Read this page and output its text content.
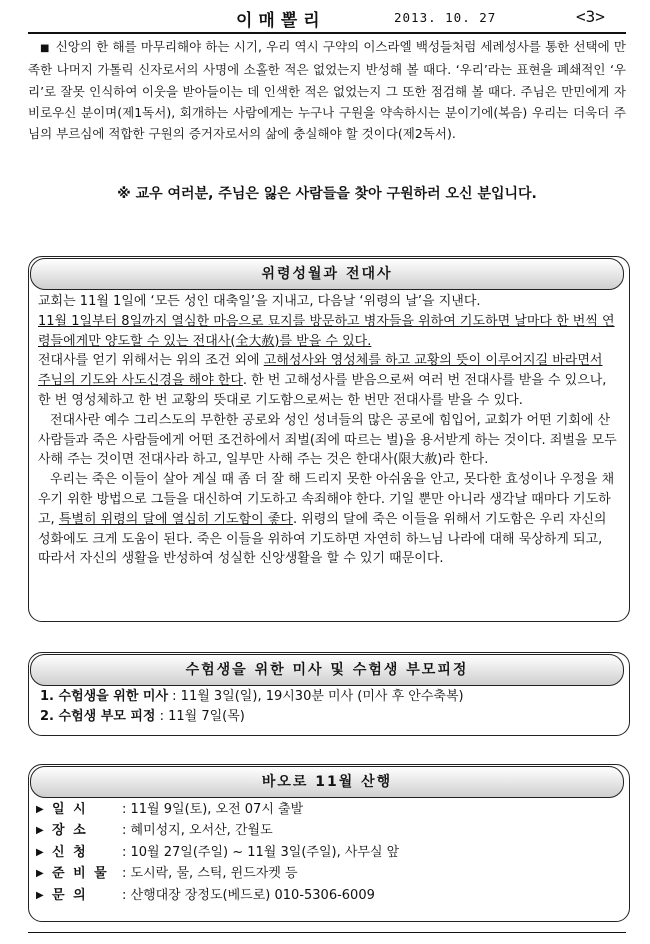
이매뽈리	2013. 10. 27	<3>
■ 신앙의 한 해를 마무리해야 하는 시기, 우리 역시 구약의 이스라엘 백성들처럼 세례성사를 통한 선택에 만족한 나머지 가톨릭 신자로서의 사명에 소홀한 적은 없었는지 반성해 볼 때다. ‘우리’라는 표현을 폐쇄적인 ‘우리’로 잘못 인식하여 이웃을 받아들이는 데 인색한 적은 없었는지 그 또한 점검해 볼 때다. 주님은 만민에게 자비로우신 분이며(제1독서), 회개하는 사람에게는 누구나 구원을 약속하시는 분이기에(복음) 우리는 더욱더 주님의 부르심에 적합한 구원의 증거자로서의 삶에 충실해야 할 것이다(제2독서).
※ 교우 여러분, 주님은 잃은 사람들을 찾아 구원하러 오신 분입니다.
위령성월과 전대사

교회는 11월 1일에 ‘모든 성인 대축일’을 지내고, 다음날 ‘위령의 날’을 지낸다.

11월 1일부터 8일까지 열심한 마음으로 묘지를 방문하고 병자들을 위하여 기도하면 날마다 한 번씩 연령들에게만 양도할 수 있는 전대사(全大赦)를 받을 수 있다.

전대사를 얻기 위해서는 위의 조건 외에 고해성사와 영성체를 하고 교황의 뜻이 이루어지길 바라면서 주님의 기도와 사도신경을 해야 한다. 한 번 고해성사를 받음으로써 여러 번 전대사를 받을 수 있으나, 한 번 영성체하고 한 번 교황의 뜻대로 기도함으로써는 한 번만 전대사를 받을 수 있다.

전대사란 예수 그리스도의 무한한 공로와 성인 성녀들의 많은 공로에 힘입어, 교회가 어떤 기회에 산 사람들과 죽은 사람들에게 어떤 조건하에서 죄벌(죄에 따르는 벌)을 용서받게 하는 것이다. 죄벌을 모두 사해 주는 것이면 전대사라 하고, 일부만 사해 주는 것은 한대사(限大赦)라 한다.

우리는 죽은 이들이 살아 계실 때 좀 더 잘 해 드리지 못한 아쉬움을 안고, 못다한 효성이나 우정을 채우기 위한 방법으로 그들을 대신하여 기도하고 속죄해야 한다. 기일 뿐만 아니라 생각날 때마다 기도하고, 특별히 위령의 달에 열심히 기도함이 좋다. 위령의 달에 죽은 이들을 위해서 기도함은 우리 자신의 성화에도 크게 도움이 된다. 죽은 이들을 위하여 기도하면 자연히 하느님 나라에 대해 묵상하게 되고, 따라서 자신의 생활을 반성하여 성실한 신앙생활을 할 수 있기 때문이다.

수험생을 위한 미사 및 수험생 부모피정
1. 수험생을 위한 미사 : 11월 3일(일), 19시30분 미사 (미사 후 안수축복)
2. 수험생 부모 피정 : 11월 7일(목)
바오로 11월 산행
▶ 일 시	: 11월 9일(토), 오전 07시 출발
▶ 장 소	: 혜미성지, 오서산, 간월도
▶ 신 청	: 10월 27일(주일) ~ 11월 3일(주일), 사무실 앞
▶ 준 비 물	: 도시락, 물, 스틱, 윈드자켓 등
▶ 문 의	: 산행대장 장정도(베드로) 010-5306-6009
